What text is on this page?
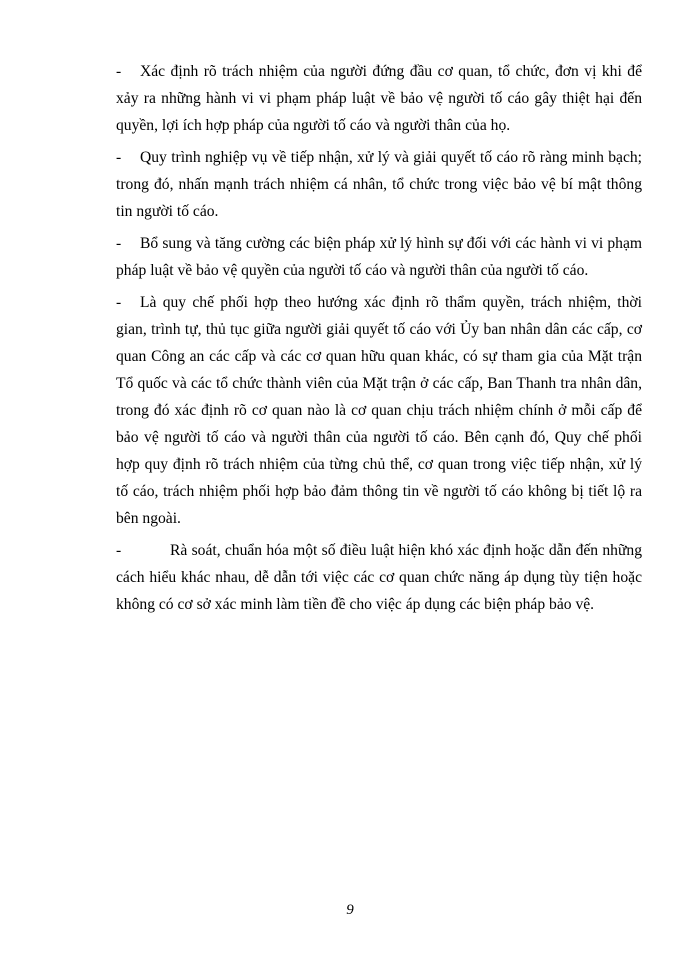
- Xác định rõ trách nhiệm của người đứng đầu cơ quan, tổ chức, đơn vị khi để xảy ra những hành vi vi phạm pháp luật về bảo vệ người tố cáo gây thiệt hại đến quyền, lợi ích hợp pháp của người tố cáo và người thân của họ.

- Quy trình nghiệp vụ về tiếp nhận, xử lý và giải quyết tố cáo rõ ràng minh bạch; trong đó, nhấn mạnh trách nhiệm cá nhân, tổ chức trong việc bảo vệ bí mật thông tin người tố cáo.

- Bổ sung và tăng cường các biện pháp xử lý hình sự đối với các hành vi vi phạm pháp luật về bảo vệ quyền của người tố cáo và người thân của người tố cáo.

- Là quy chế phối hợp theo hướng xác định rõ thẩm quyền, trách nhiệm, thời gian, trình tự, thủ tục giữa người giải quyết tố cáo với Ủy ban nhân dân các cấp, cơ quan Công an các cấp và các cơ quan hữu quan khác, có sự tham gia của Mặt trận Tổ quốc và các tổ chức thành viên của Mặt trận ở các cấp, Ban Thanh tra nhân dân, trong đó xác định rõ cơ quan nào là cơ quan chịu trách nhiệm chính ở mỗi cấp để bảo vệ người tố cáo và người thân của người tố cáo. Bên cạnh đó, Quy chế phối hợp quy định rõ trách nhiệm của từng chủ thể, cơ quan trong việc tiếp nhận, xử lý tố cáo, trách nhiệm phối hợp bảo đảm thông tin về người tố cáo không bị tiết lộ ra bên ngoài.

-	Rà soát, chuẩn hóa một số điều luật hiện khó xác định hoặc dẫn đến những cách hiểu khác nhau, dễ dẫn tới việc các cơ quan chức năng áp dụng tùy tiện hoặc không có cơ sở xác minh làm tiền đề cho việc áp dụng các biện pháp bảo vệ.

9
